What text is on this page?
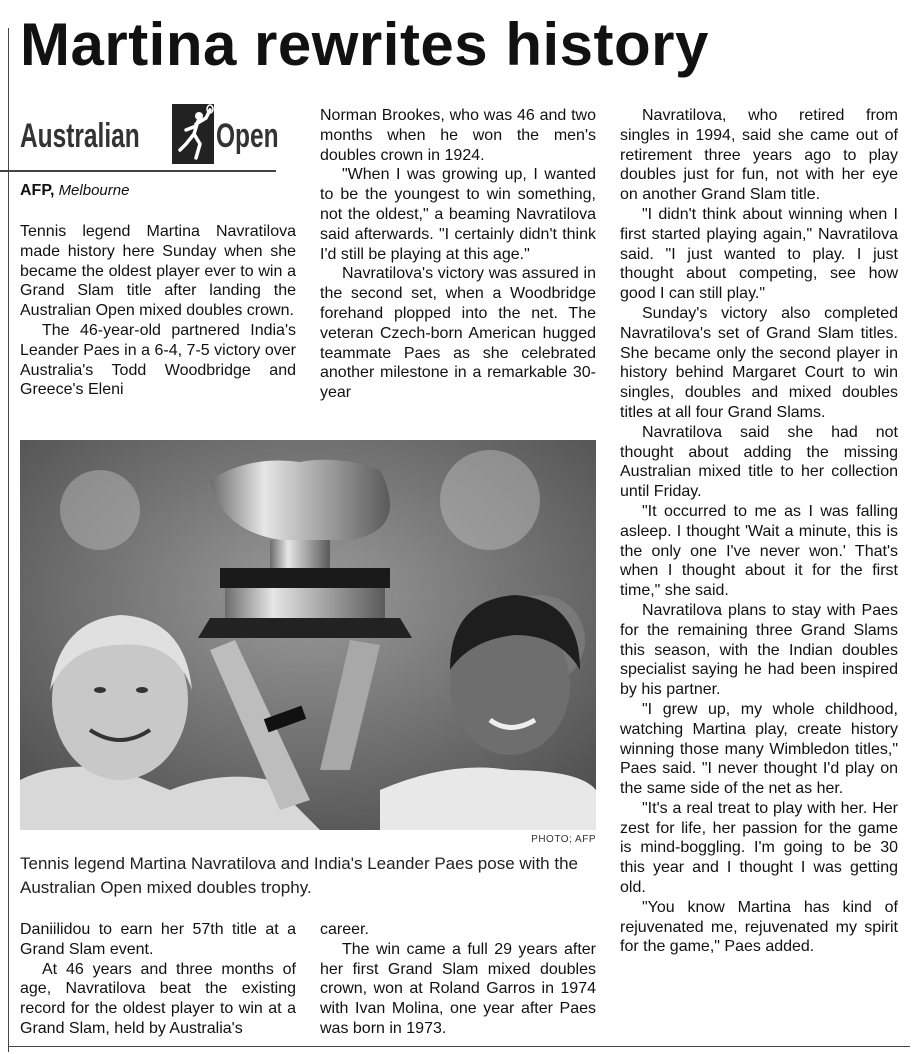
Martina rewrites history
Australian Open
AFP, Melbourne

Tennis legend Martina Navratilova made history here Sunday when she became the oldest player ever to win a Grand Slam title after landing the Australian Open mixed doubles crown.

The 46-year-old partnered India's Leander Paes in a 6-4, 7-5 victory over Australia's Todd Woodbridge and Greece's Eleni

Norman Brookes, who was 46 and two months when he won the men's doubles crown in 1924.

"When I was growing up, I wanted to be the youngest to win something, not the oldest," a beaming Navratilova said afterwards. "I certainly didn't think I'd still be playing at this age."

Navratilova's victory was assured in the second set, when a Woodbridge forehand plopped into the net. The veteran Czech-born American hugged teammate Paes as she celebrated another milestone in a remarkable 30-year

Navratilova, who retired from singles in 1994, said she came out of retirement three years ago to play doubles just for fun, not with her eye on another Grand Slam title.

"I didn't think about winning when I first started playing again," Navratilova said. "I just wanted to play. I just thought about competing, see how good I can still play."

Sunday's victory also completed Navratilova's set of Grand Slam titles. She became only the second player in history behind Margaret Court to win singles, doubles and mixed doubles titles at all four Grand Slams.

Navratilova said she had not thought about adding the missing Australian mixed title to her collection until Friday.

"It occurred to me as I was falling asleep. I thought 'Wait a minute, this is the only one I've never won.' That's when I thought about it for the first time," she said.

Navratilova plans to stay with Paes for the remaining three Grand Slams this season, with the Indian doubles specialist saying he had been inspired by his partner.

"I grew up, my whole childhood, watching Martina play, create history winning those many Wimbledon titles," Paes said. "I never thought I'd play on the same side of the net as her.

"It's a real treat to play with her. Her zest for life, her passion for the game is mind-boggling. I'm going to be 30 this year and I thought I was getting old.

"You know Martina has kind of rejuvenated me, rejuvenated my spirit for the game," Paes added.

PHOTO; AFP
Tennis legend Martina Navratilova and India's Leander Paes pose with the Australian Open mixed doubles trophy.

Daniilidou to earn her 57th title at a Grand Slam event.

At 46 years and three months of age, Navratilova beat the existing record for the oldest player to win at a Grand Slam, held by Australia's

career.

The win came a full 29 years after her first Grand Slam mixed doubles crown, won at Roland Garros in 1974 with Ivan Molina, one year after Paes was born in 1973.
